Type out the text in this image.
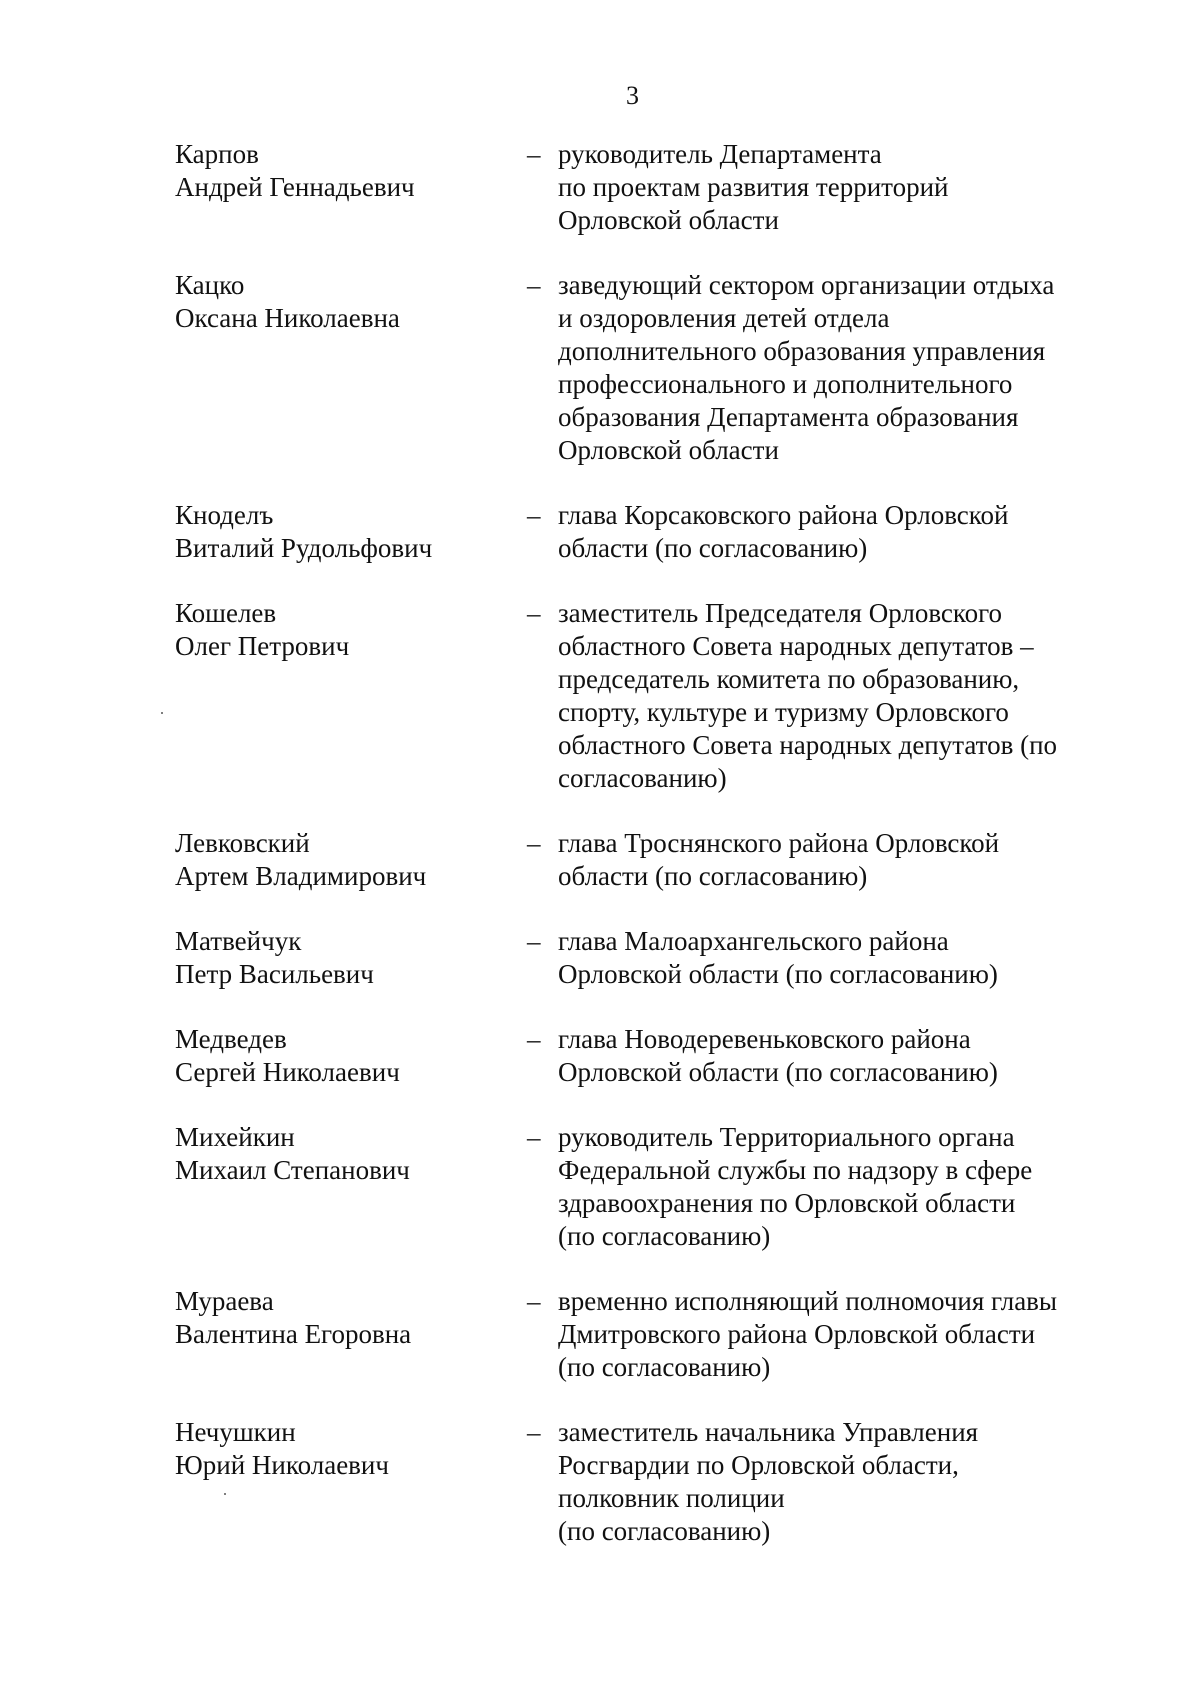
3
Карпов
Андрей Геннадьевич
– руководитель Департамента
по проектам развития территорий
Орловской области
Кацко
Оксана Николаевна
– заведующий сектором организации отдыха
и оздоровления детей отдела
дополнительного образования управления
профессионального и дополнительного
образования Департамента образования
Орловской области
Кноделъ
Виталий Рудольфович
– глава Корсаковского района Орловской
области (по согласованию)
Кошелев
Олег Петрович
– заместитель Председателя Орловского
областного Совета народных депутатов –
председатель комитета по образованию,
спорту, культуре и туризму Орловского
областного Совета народных депутатов (по
согласованию)
Левковский
Артем Владимирович
– глава Троснянского района Орловской
области (по согласованию)
Матвейчук
Петр Васильевич
– глава Малоархангельского района
Орловской области (по согласованию)
Медведев
Сергей Николаевич
– глава Новодеревеньковского района
Орловской области (по согласованию)
Михейкин
Михаил Степанович
– руководитель Территориального органа
Федеральной службы по надзору в сфере
здравоохранения по Орловской области
(по согласованию)
Мураева
Валентина Егоровна
– временно исполняющий полномочия главы
Дмитровского района Орловской области
(по согласованию)
Нечушкин
Юрий Николаевич
– заместитель начальника Управления
Росгвардии по Орловской области,
полковник полиции
(по согласованию)
